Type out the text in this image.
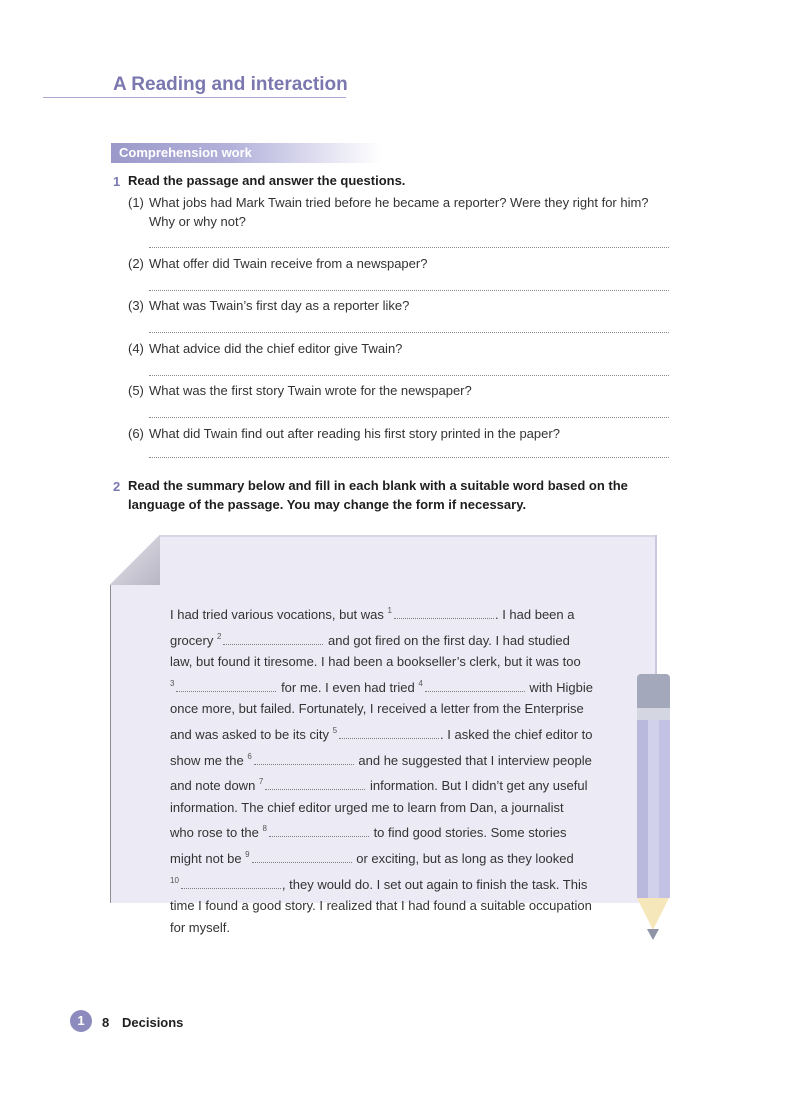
A Reading and interaction
Comprehension work
1 Read the passage and answer the questions.
(1) What jobs had Mark Twain tried before he became a reporter? Were they right for him? Why or why not?
(2) What offer did Twain receive from a newspaper?
(3) What was Twain’s first day as a reporter like?
(4) What advice did the chief editor give Twain?
(5) What was the first story Twain wrote for the newspaper?
(6) What did Twain find out after reading his first story printed in the paper?
2 Read the summary below and fill in each blank with a suitable word based on the
language of the passage. You may change the form if necessary.
I had tried various vocations, but was $^1$	. I had been a
grocery $^2$	and got fired on the first day. I had studied
law, but found it tiresome. I had been a bookseller’s clerk, but it was too
$^3$	for me. I even had tried $^4$	with Higbie
once more, but failed. Fortunately, I received a letter from the Enterprise
and was asked to be its city $^5$	. I asked the chief editor to
show me the $^6$	and he suggested that I interview people
and note down $^7$	information. But I didn’t get any useful
information. The chief editor urged me to learn from Dan, a journalist
who rose to the $^8$	to find good stories. Some stories
might not be $^9$	or exciting, but as long as they looked
$^{10}$	, they would do. I set out again to finish the task. This
time I found a good story. I realized that I had found a suitable occupation
for myself.
1	8 Decisions
